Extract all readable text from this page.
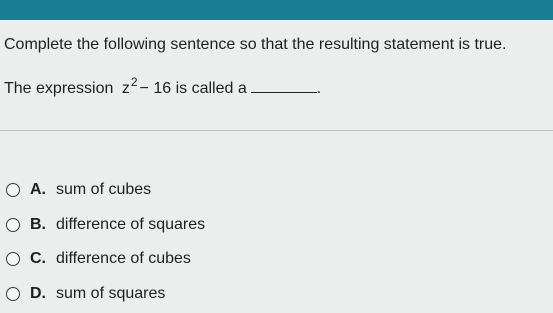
Complete the following sentence so that the resulting statement is true.
The expression $z^2 - 16$ is called a	.
A. sum of cubes
B. difference of squares
C. difference of cubes
D. sum of squares
